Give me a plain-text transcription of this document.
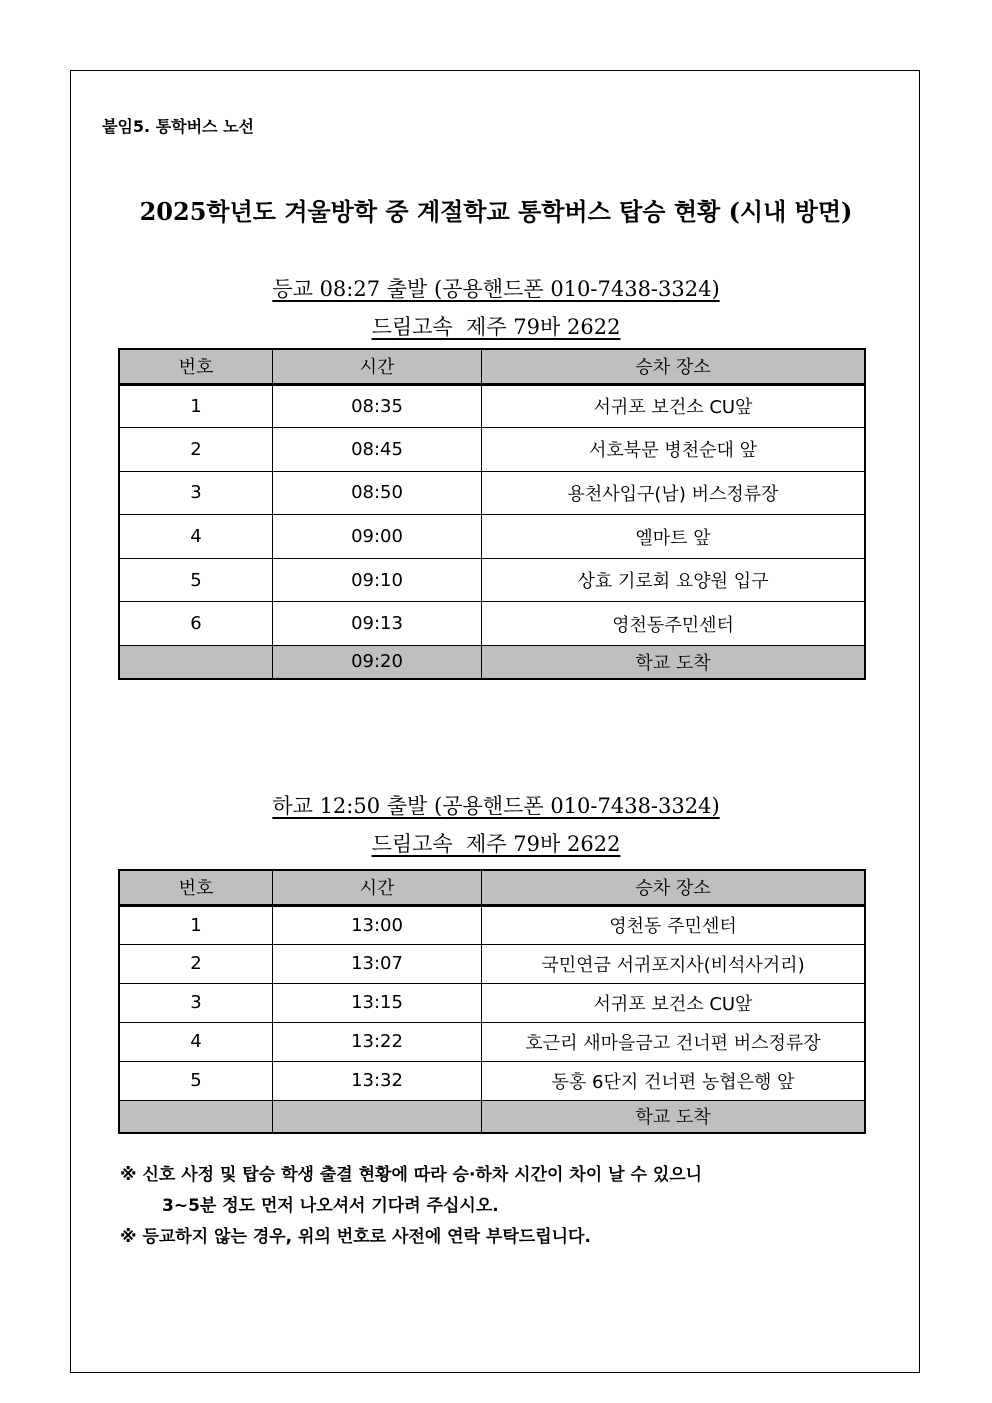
붙임5. 통학버스 노선
2025학년도 겨울방학 중 계절학교 통학버스 탑승 현황 (시내 방면)
등교 08:27 출발 (공용핸드폰 010-7438-3324)
드림고속  제주 79바 2622
번호	시간	승차 장소
1	08:35	서귀포 보건소 CU앞
2	08:45	서호북문 병천순대 앞
3	08:50	용천사입구(남) 버스정류장
4	09:00	엘마트 앞
5	09:10	상효 기로회 요양원 입구
6	09:13	영천동주민센터
	09:20	학교 도착
하교 12:50 출발 (공용핸드폰 010-7438-3324)
드림고속  제주 79바 2622
번호	시간	승차 장소
1	13:00	영천동 주민센터
2	13:07	국민연금 서귀포지사(비석사거리)
3	13:15	서귀포 보건소 CU앞
4	13:22	호근리 새마을금고 건너편 버스정류장
5	13:32	동홍 6단지 건너편 농협은행 앞
		학교 도착
※ 신호 사정 및 탑승 학생 출결 현황에 따라 승·하차 시간이 차이 날 수 있으니
3~5분 정도 먼저 나오셔서 기다려 주십시오.
※ 등교하지 않는 경우, 위의 번호로 사전에 연락 부탁드립니다.
